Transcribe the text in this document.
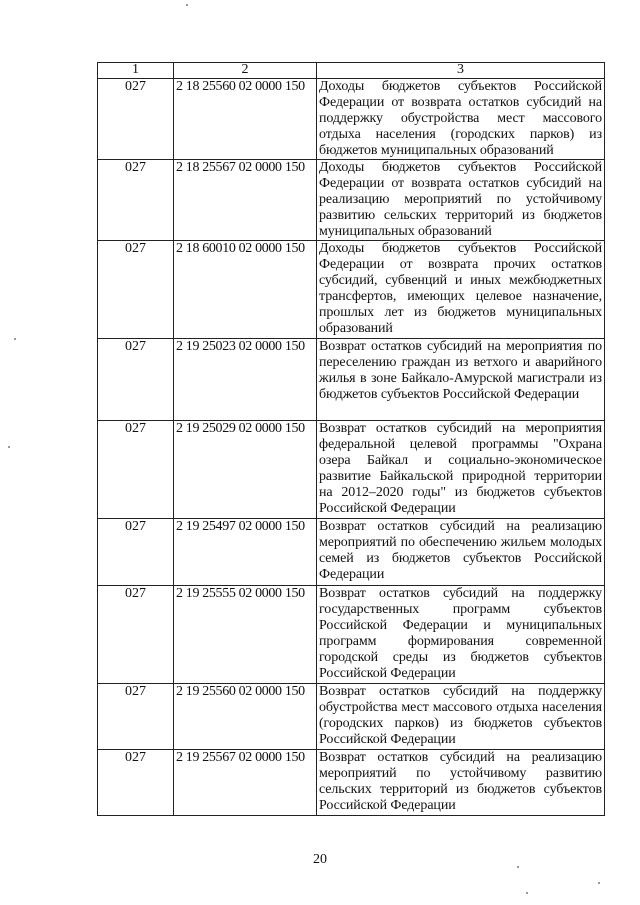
1	2	3
027	2 18 25560 02 0000 150	Доходы бюджетов субъектов Российской Федерации от возврата остатков субсидий на поддержку обустройства мест массового отдыха населения (городских парков) из бюджетов муниципальных образований
027	2 18 25567 02 0000 150	Доходы бюджетов субъектов Российской Федерации от возврата остатков субсидий на реализацию мероприятий по устойчивому развитию сельских территорий из бюджетов муниципальных образований
027	2 18 60010 02 0000 150	Доходы бюджетов субъектов Российской Федерации от возврата прочих остатков субсидий, субвенций и иных межбюджетных трансфертов, имеющих целевое назначение, прошлых лет из бюджетов муниципальных образований
027	2 19 25023 02 0000 150	Возврат остатков субсидий на мероприятия по переселению граждан из ветхого и аварийного жилья в зоне Байкало-Амурской магистрали из бюджетов субъектов Российской Федерации
027	2 19 25029 02 0000 150	Возврат остатков субсидий на мероприятия федеральной целевой программы "Охрана озера Байкал и социально-экономическое развитие Байкальской природной территории на 2012–2020 годы" из бюджетов субъектов Российской Федерации
027	2 19 25497 02 0000 150	Возврат остатков субсидий на реализацию мероприятий по обеспечению жильем молодых семей из бюджетов субъектов Российской Федерации
027	2 19 25555 02 0000 150	Возврат остатков субсидий на поддержку государственных программ субъектов Российской Федерации и муниципальных программ формирования современной городской среды из бюджетов субъектов Российской Федерации
027	2 19 25560 02 0000 150	Возврат остатков субсидий на поддержку обустройства мест массового отдыха населения (городских парков) из бюджетов субъектов Российской Федерации
027	2 19 25567 02 0000 150	Возврат остатков субсидий на реализацию мероприятий по устойчивому развитию сельских территорий из бюджетов субъектов Российской Федерации
20
